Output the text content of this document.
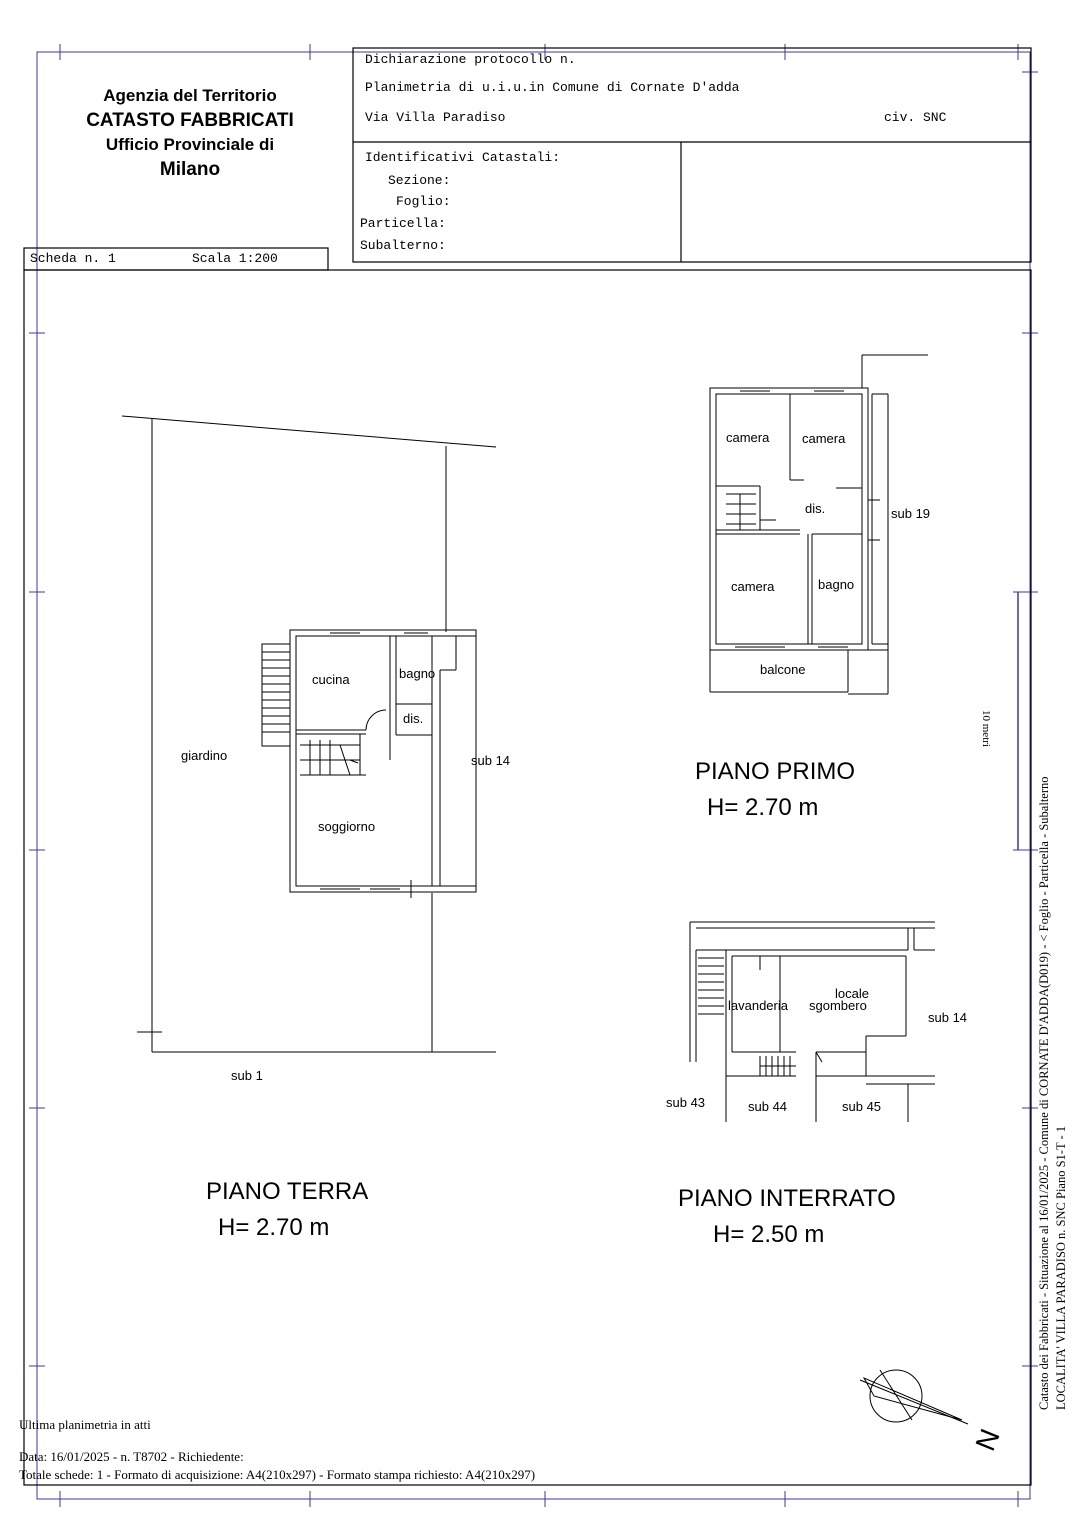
Agenzia del Territorio
CATASTO FABBRICATI
Ufficio Provinciale di
Milano
Dichiarazione protocollo n.
Planimetria di u.i.u.in Comune di Cornate D'adda
Via Villa Paradiso	civ. SNC
Identificativi Catastali:
Sezione:
Foglio:
Particella:
Subalterno:
Scheda n. 1	Scala 1:200
cucina	bagno
dis.
giardino
soggiorno
sub 14
sub 1
PIANO TERRA
H= 2.70 m
camera	camera
dis.	sub 19
camera	bagno
balcone
PIANO PRIMO
H= 2.70 m
locale
sgombero
lavanderia
sub 14
sub 43	sub 44	sub 45
PIANO INTERRATO
H= 2.50 m
N
10 metri
Catasto dei Fabbricati - Situazione al 16/01/2025 - Comune di CORNATE D'ADDA(D019) - < Foglio - Particella - Subalterno LOCALITA' VILLA PARADISO n. SNC Piano S1-T - 1
Ultima planimetria in atti
Data: 16/01/2025 - n. T8702 - Richiedente:
Totale schede: 1 - Formato di acquisizione: A4(210x297) - Formato stampa richiesto: A4(210x297)
